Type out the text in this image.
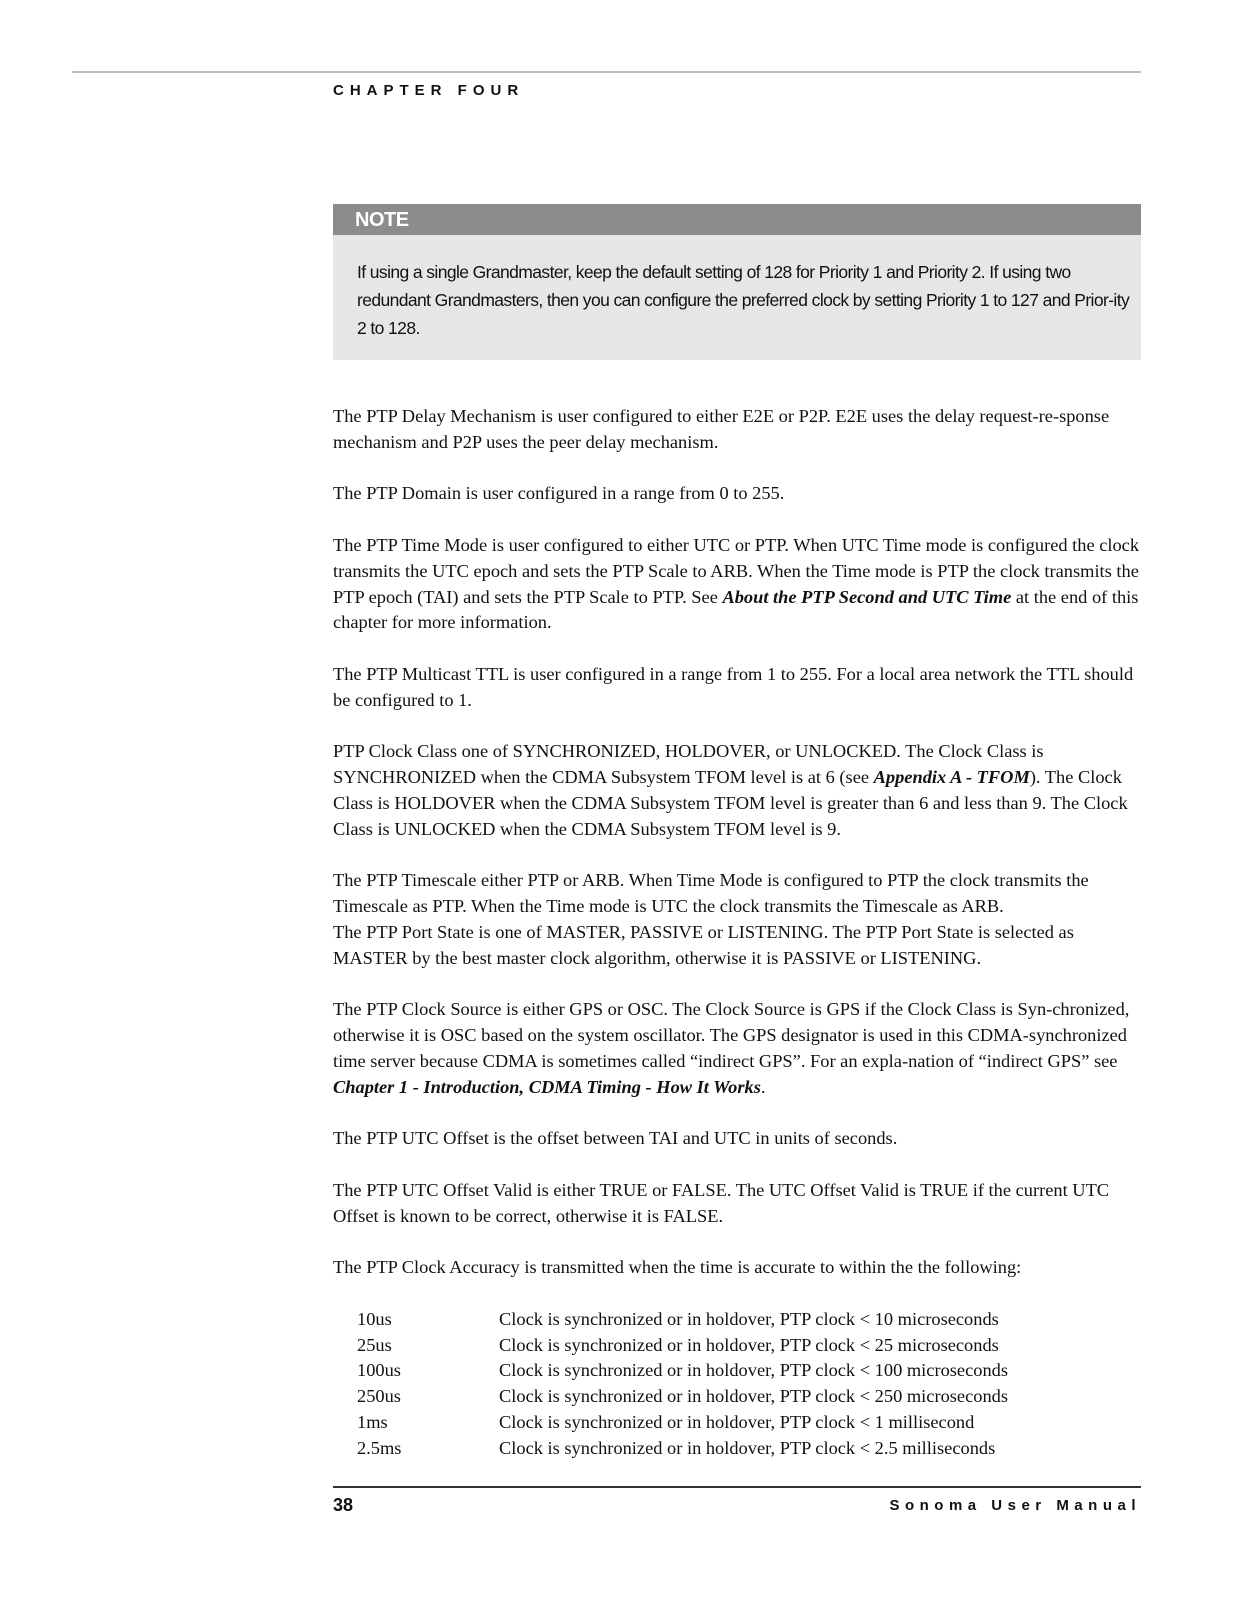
CHAPTER FOUR
NOTE
If using a single Grandmaster, keep the default setting of 128 for Priority 1 and Priority 2. If using two redundant Grandmasters, then you can configure the preferred clock by setting Priority 1 to 127 and Prior-ity 2 to 128.

The PTP Delay Mechanism is user configured to either E2E or P2P. E2E uses the delay request-re-sponse mechanism and P2P uses the peer delay mechanism.

The PTP Domain is user configured in a range from 0 to 255.

The PTP Time Mode is user configured to either UTC or PTP. When UTC Time mode is configured the clock transmits the UTC epoch and sets the PTP Scale to ARB. When the Time mode is PTP the clock transmits the PTP epoch (TAI) and sets the PTP Scale to PTP. See About the PTP Second and UTC Time at the end of this chapter for more information.

The PTP Multicast TTL is user configured in a range from 1 to 255. For a local area network the TTL should be configured to 1.

PTP Clock Class one of SYNCHRONIZED, HOLDOVER, or UNLOCKED. The Clock Class is SYNCHRONIZED when the CDMA Subsystem TFOM level is at 6 (see Appendix A - TFOM). The Clock Class is HOLDOVER when the CDMA Subsystem TFOM level is greater than 6 and less than 9. The Clock Class is UNLOCKED when the CDMA Subsystem TFOM level is 9.

The PTP Timescale either PTP or ARB. When Time Mode is configured to PTP the clock transmits the Timescale as PTP. When the Time mode is UTC the clock transmits the Timescale as ARB.

The PTP Port State is one of MASTER, PASSIVE or LISTENING. The PTP Port State is selected as MASTER by the best master clock algorithm, otherwise it is PASSIVE or LISTENING.

The PTP Clock Source is either GPS or OSC. The Clock Source is GPS if the Clock Class is Syn-chronized, otherwise it is OSC based on the system oscillator. The GPS designator is used in this CDMA-synchronized time server because CDMA is sometimes called “indirect GPS”. For an expla-nation of “indirect GPS” see Chapter 1 - Introduction, CDMA Timing - How It Works.

The PTP UTC Offset is the offset between TAI and UTC in units of seconds.

The PTP UTC Offset Valid is either TRUE or FALSE. The UTC Offset Valid is TRUE if the current UTC Offset is known to be correct, otherwise it is FALSE.

The PTP Clock Accuracy is transmitted when the time is accurate to within the the following:

10us	Clock is synchronized or in holdover, PTP clock < 10 microseconds
25us	Clock is synchronized or in holdover, PTP clock < 25 microseconds
100us	Clock is synchronized or in holdover, PTP clock < 100 microseconds
250us	Clock is synchronized or in holdover, PTP clock < 250 microseconds
1ms	Clock is synchronized or in holdover, PTP clock < 1 millisecond
2.5ms	Clock is synchronized or in holdover, PTP clock < 2.5 milliseconds
38	Sonoma User Manual
